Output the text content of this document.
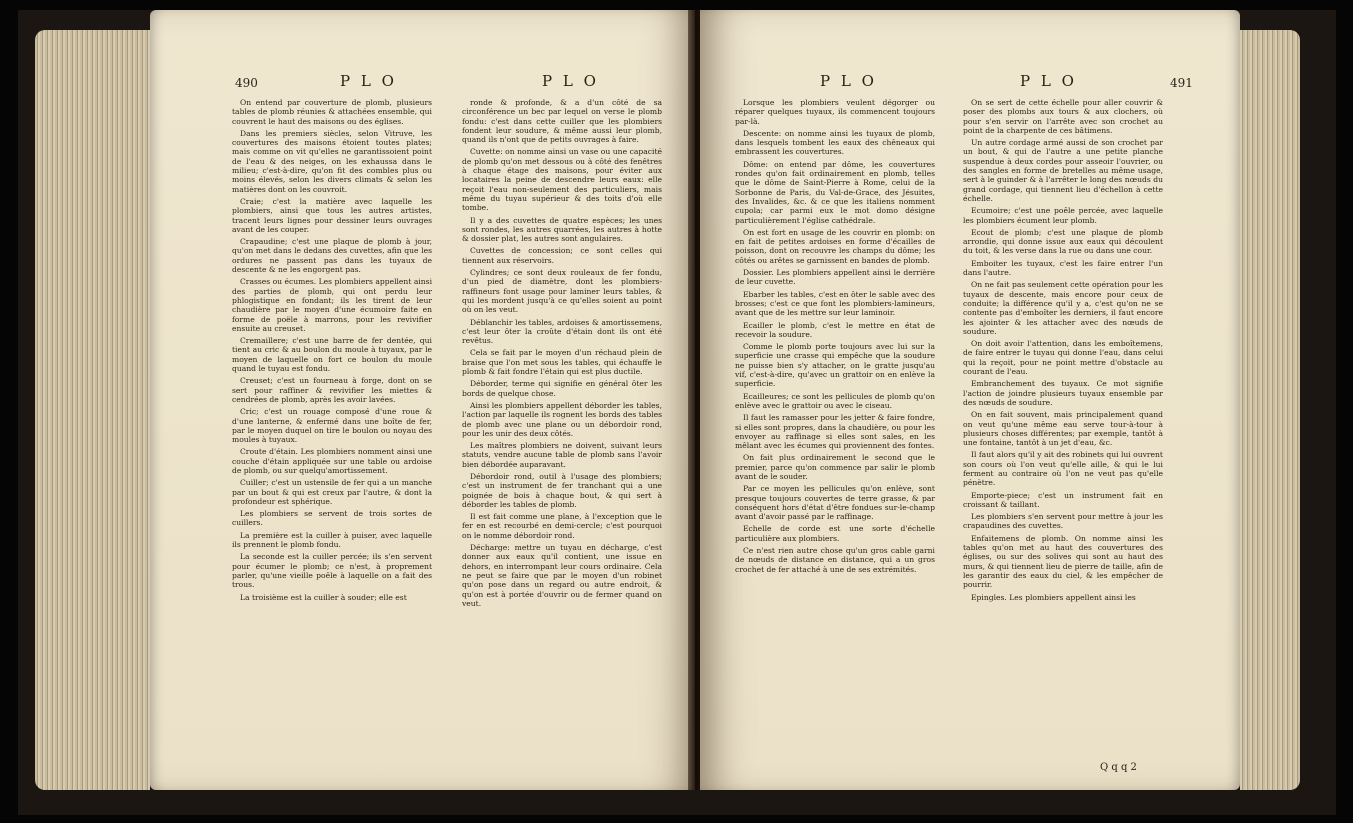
490	P L O	P L O

On entend par couverture de plomb, plusieurs tables de plomb réunies & attachées ensemble, qui couvrent le haut des maisons ou des églises.

Dans les premiers siècles, selon Vitruve, les couvertures des maisons étoient toutes plates; mais comme on vit qu'elles ne garantissoient point de l'eau & des neiges, on les exhaussa dans le milieu; c'est-à-dire, qu'on fit des combles plus ou moins élevés, selon les divers climats & selon les matières dont on les couvroit.

Craie; c'est la matière avec laquelle les plombiers, ainsi que tous les autres artistes, tracent leurs lignes pour dessiner leurs ouvrages avant de les couper.

Crapaudine; c'est une plaque de plomb à jour, qu'on met dans le dedans des cuvettes, afin que les ordures ne passent pas dans les tuyaux de descente & ne les engorgent pas.

Crasses ou écumes. Les plombiers appellent ainsi des parties de plomb, qui ont perdu leur phlogistique en fondant; ils les tirent de leur chaudière par le moyen d'une écumoire faite en forme de poële à marrons, pour les revivifier ensuite au creuset.

Cremaillere; c'est une barre de fer dentée, qui tient au cric & au boulon du moule à tuyaux, par le moyen de laquelle on fort ce boulon du moule quand le tuyau est fondu.

Creuset; c'est un fourneau à forge, dont on se sert pour raffiner & revivifier les miettes & cendrées de plomb, après les avoir lavées.

Cric; c'est un rouage composé d'une roue & d'une lanterne, & enfermé dans une boîte de fer, par le moyen duquel on tire le boulon ou noyau des moules à tuyaux.

Croute d'étain. Les plombiers nomment ainsi une couche d'étain appliquée sur une table ou ardoise de plomb, ou sur quelqu'amortissement.

Cuiller; c'est un ustensile de fer qui a un manche par un bout & qui est creux par l'autre, & dont la profondeur est sphérique.

Les plombiers se servent de trois sortes de cuillers.

La première est la cuiller à puiser, avec laquelle ils prennent le plomb fondu.

La seconde est la cuiller percée; ils s'en servent pour écumer le plomb; ce n'est, à proprement parler, qu'une vieille poêle à laquelle on a fait des trous.

La troisième est la cuiller à souder; elle est

ronde & profonde, & a d'un côté de sa circonférence un bec par lequel on verse le plomb fondu: c'est dans cette cuiller que les plombiers fondent leur soudure, & même aussi leur plomb, quand ils n'ont que de petits ouvrages à faire.

Cuvette: on nomme ainsi un vase ou une capacité de plomb qu'on met dessous ou à côté des fenêtres à chaque étage des maisons, pour éviter aux locataires la peine de descendre leurs eaux: elle reçoit l'eau non-seulement des particuliers, mais même du tuyau supérieur & des toits d'où elle tombe.

Il y a des cuvettes de quatre espèces; les unes sont rondes, les autres quarrées, les autres à hotte & dossier plat, les autres sont angulaires.

Cuvettes de concession; ce sont celles qui tiennent aux réservoirs.

Cylindres; ce sont deux rouleaux de fer fondu, d'un pied de diamètre, dont les plombiers-raffineurs font usage pour laminer leurs tables, & qui les mordent jusqu'à ce qu'elles soient au point où on les veut.

Déblanchir les tables, ardoises & amortissemens, c'est leur ôter la croûte d'étain dont ils ont été revêtus.

Cela se fait par le moyen d'un réchaud plein de braise que l'on met sous les tables, qui échauffe le plomb & fait fondre l'étain qui est plus ductile.

Déborder, terme qui signifie en général ôter les bords de quelque chose.

Ainsi les plombiers appellent déborder les tables, l'action par laquelle ils rognent les bords des tables de plomb avec une plane ou un débordoir rond, pour les unir des deux côtés.

Les maîtres plombiers ne doivent, suivant leurs statuts, vendre aucune table de plomb sans l'avoir bien débordée auparavant.

Débordoir rond, outil à l'usage des plombiers; c'est un instrument de fer tranchant qui a une poignée de bois à chaque bout, & qui sert à déborder les tables de plomb.

Il est fait comme une plane, à l'exception que le fer en est recourbé en demi-cercle; c'est pourquoi on le nomme débordoir rond.

Décharge: mettre un tuyau en décharge, c'est donner aux eaux qu'il contient, une issue en dehors, en interrompant leur cours ordinaire. Cela ne peut se faire que par le moyen d'un robinet qu'on pose dans un regard ou autre endroit, & qu'on est à portée d'ouvrir ou de fermer quand on veut.

P L O	P L O	491

Lorsque les plombiers veulent dégorger ou réparer quelques tuyaux, ils commencent toujours par-là.

Descente: on nomme ainsi les tuyaux de plomb, dans lesquels tombent les eaux des chêneaux qui embrassent les couvertures.

Dôme: on entend par dôme, les couvertures rondes qu'on fait ordinairement en plomb, telles que le dôme de Saint-Pierre à Rome, celui de la Sorbonne de Paris, du Val-de-Grace, des Jésuites, des Invalides, &c. & ce que les italiens nomment cupola; car parmi eux le mot domo désigne particulièrement l'église cathédrale.

On est fort en usage de les couvrir en plomb: on en fait de petites ardoises en forme d'écailles de poisson, dont on recouvre les champs du dôme; les côtés ou arêtes se garnissent en bandes de plomb.

Dossier. Les plombiers appellent ainsi le derrière de leur cuvette.

Ebarber les tables, c'est en ôter le sable avec des brosses; c'est ce que font les plombiers-lamineurs, avant que de les mettre sur leur laminoir.

Ecailler le plomb, c'est le mettre en état de recevoir la soudure.

Comme le plomb porte toujours avec lui sur la superficie une crasse qui empêche que la soudure ne puisse bien s'y attacher, on le gratte jusqu'au vif, c'est-à-dire, qu'avec un grattoir on en enlève la superficie.

Ecailleures; ce sont les pellicules de plomb qu'on enlève avec le grattoir ou avec le ciseau.

Il faut les ramasser pour les jetter & faire fondre, si elles sont propres, dans la chaudière, ou pour les envoyer au raffinage si elles sont sales, en les mêlant avec les écumes qui proviennent des fontes.

On fait plus ordinairement le second que le premier, parce qu'on commence par salir le plomb avant de le souder.

Par ce moyen les pellicules qu'on enlève, sont presque toujours couvertes de terre grasse, & par conséquent hors d'état d'être fondues sur-le-champ avant d'avoir passé par le raffinage.

Echelle de corde est une sorte d'échelle particulière aux plombiers.

Ce n'est rien autre chose qu'un gros cable garni de nœuds de distance en distance, qui a un gros crochet de fer attaché à une de ses extrémités.

On se sert de cette échelle pour aller couvrir & poser des plombs aux tours & aux clochers, où pour s'en servir on l'arrête avec son crochet au point de la charpente de ces bâtimens.

Un autre cordage armé aussi de son crochet par un bout, & qui de l'autre a une petite planche suspendue à deux cordes pour asseoir l'ouvrier, ou des sangles en forme de bretelles au même usage, sert à le guinder & à l'arrêter le long des nœuds du grand cordage, qui tiennent lieu d'échellon à cette échelle.

Ecumoire; c'est une poêle percée, avec laquelle les plombiers écument leur plomb.

Ecout de plomb; c'est une plaque de plomb arrondie, qui donne issue aux eaux qui découlent du toit, & les verse dans la rue ou dans une cour.

Emboiter les tuyaux, c'est les faire entrer l'un dans l'autre.

On ne fait pas seulement cette opération pour les tuyaux de descente, mais encore pour ceux de conduite; la différence qu'il y a, c'est qu'on ne se contente pas d'emboîter les derniers, il faut encore les ajointer & les attacher avec des nœuds de soudure.

On doit avoir l'attention, dans les emboîtemens, de faire entrer le tuyau qui donne l'eau, dans celui qui la reçoit, pour ne point mettre d'obstacle au courant de l'eau.

Embranchement des tuyaux. Ce mot signifie l'action de joindre plusieurs tuyaux ensemble par des nœuds de soudure.

On en fait souvent, mais principalement quand on veut qu'une même eau serve tour-à-tour à plusieurs choses différentes; par exemple, tantôt à une fontaine, tantôt à un jet d'eau, &c.

Il faut alors qu'il y ait des robinets qui lui ouvrent son cours où l'on veut qu'elle aille, & qui le lui ferment au contraire où l'on ne veut pas qu'elle pénètre.

Emporte-piece; c'est un instrument fait en croissant & taillant.

Les plombiers s'en servent pour mettre à jour les crapaudines des cuvettes.

Enfaitemens de plomb. On nomme ainsi les tables qu'on met au haut des couvertures des églises, ou sur des solives qui sont au haut des murs, & qui tiennent lieu de pierre de taille, afin de les garantir des eaux du ciel, & les empêcher de pourrir.

Epingles. Les plombiers appellent ainsi les

Q q q 2
